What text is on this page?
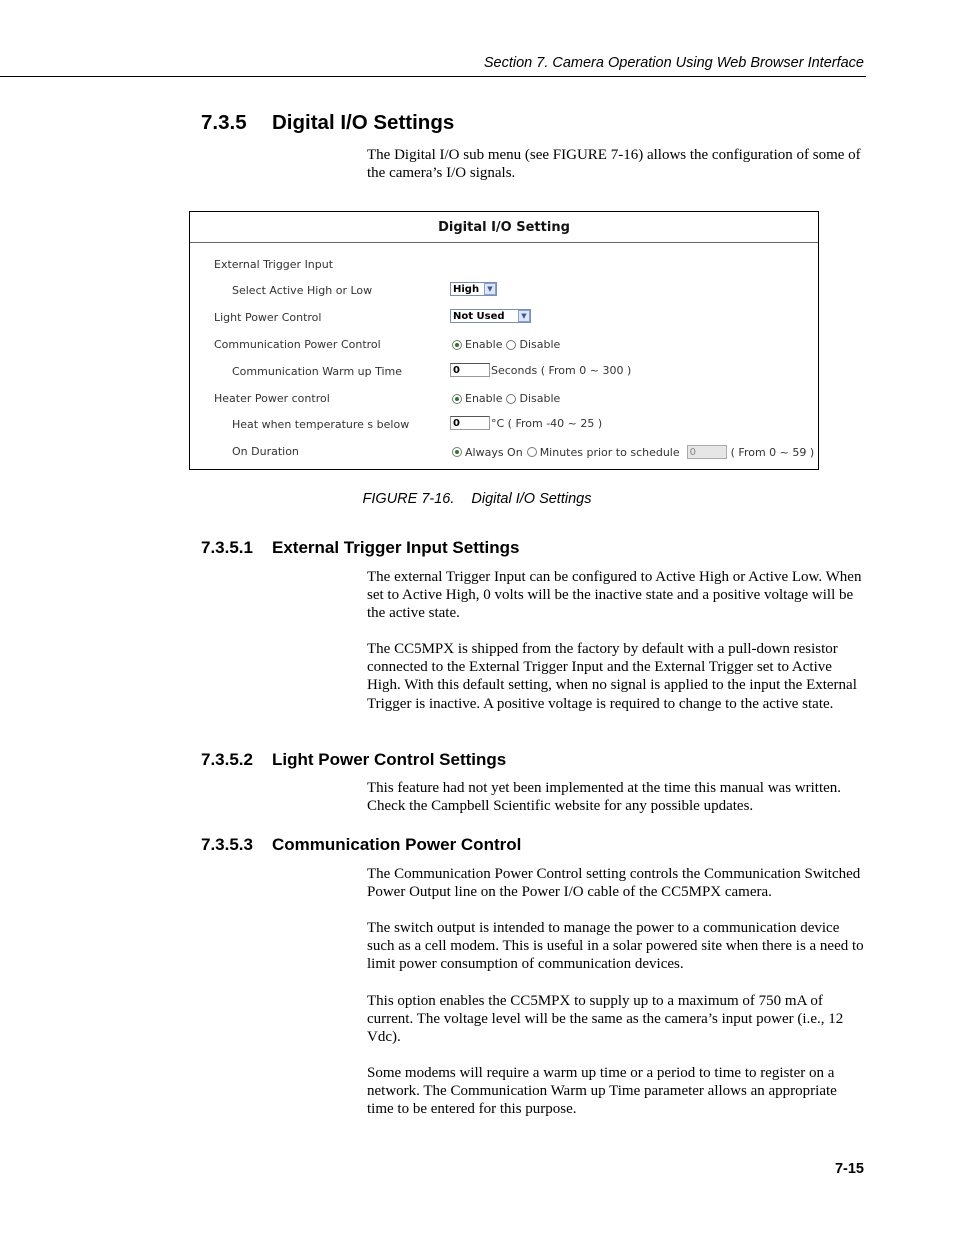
Section 7. Camera Operation Using Web Browser Interface
7.3.5 Digital I/O Settings

The Digital I/O sub menu (see FIGURE 7-16) allows the configuration of some of the camera’s I/O signals.

Digital I/O Setting
External Trigger Input
Select Active High or Low	High	▼
Light Power Control	Not Used	▼
Communication Power Control	Enable Disable
Communication Warm up Time	0	Seconds ( From 0 ~ 300 )
Heater Power control	Enable Disable
Heat when temperature s below	0	°C ( From -40 ~ 25 )
On Duration	Always On Minutes prior to schedule	0	( From 0 ~ 59 )
FIGURE 7-16. Digital I/O Settings
7.3.5.1 External Trigger Input Settings

The external Trigger Input can be configured to Active High or Active Low. When set to Active High, 0 volts will be the inactive state and a positive voltage will be the active state.

The CC5MPX is shipped from the factory by default with a pull-down resistor connected to the External Trigger Input and the External Trigger set to Active High. With this default setting, when no signal is applied to the input the External Trigger is inactive. A positive voltage is required to change to the active state.

7.3.5.2 Light Power Control Settings

This feature had not yet been implemented at the time this manual was written. Check the Campbell Scientific website for any possible updates.

7.3.5.3 Communication Power Control

The Communication Power Control setting controls the Communication Switched Power Output line on the Power I/O cable of the CC5MPX camera.

The switch output is intended to manage the power to a communication device such as a cell modem. This is useful in a solar powered site when there is a need to limit power consumption of communication devices.

This option enables the CC5MPX to supply up to a maximum of 750 mA of current. The voltage level will be the same as the camera’s input power (i.e., 12 Vdc).

Some modems will require a warm up time or a period to time to register on a network. The Communication Warm up Time parameter allows an appropriate time to be entered for this purpose.

7-15
